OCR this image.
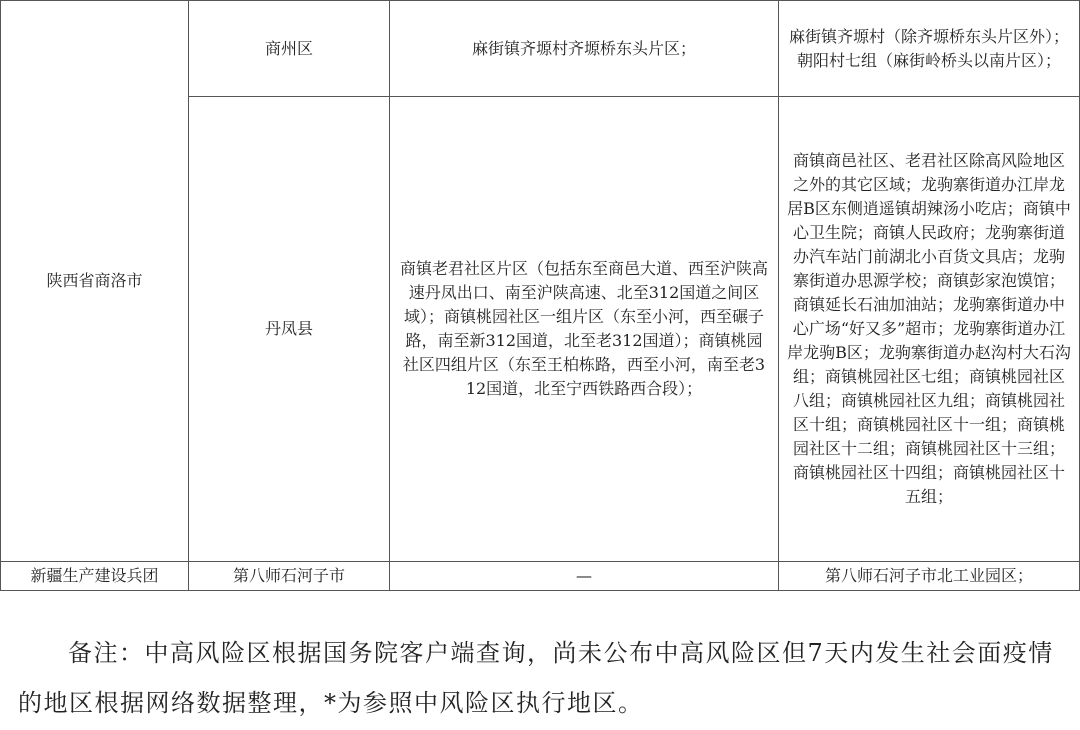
陕西省商洛市	商州区	麻街镇齐塬村齐塬桥东头片区；	麻街镇齐塬村（除齐塬桥东头片区外）；朝阳村七组（麻街岭桥头以南片区）；

	丹凤县	商镇老君社区片区（包括东至商邑大道、西至沪陕高速丹凤出口、南至沪陕高速、北至312国道之间区域）；商镇桃园社区一组片区（东至小河，西至碾子路，南至新312国道，北至老312国道）；商镇桃园社区四组片区（东至王柏栋路，西至小河，南至老312国道，北至宁西铁路西合段）；	商镇商邑社区、老君社区除高风险地区之外的其它区域；龙驹寨街道办江岸龙居B区东侧逍遥镇胡辣汤小吃店；商镇中心卫生院；商镇人民政府；龙驹寨街道办汽车站门前湖北小百货文具店；龙驹寨街道办思源学校；商镇彭家泡馍馆；商镇延长石油加油站；龙驹寨街道办中心广场“好又多”超市；龙驹寨街道办江岸龙驹B区；龙驹寨街道办赵沟村大石沟组；商镇桃园社区七组；商镇桃园社区八组；商镇桃园社区九组；商镇桃园社区十组；商镇桃园社区十一组；商镇桃园社区十二组；商镇桃园社区十三组；商镇桃园社区十四组；商镇桃园社区十五组；

新疆生产建设兵团	第八师石河子市	—	第八师石河子市北工业园区；

备注：中高风险区根据国务院客户端查询，尚未公布中高风险区但7天内发生社会面疫情的地区根据网络数据整理，*为参照中风险区执行地区。
